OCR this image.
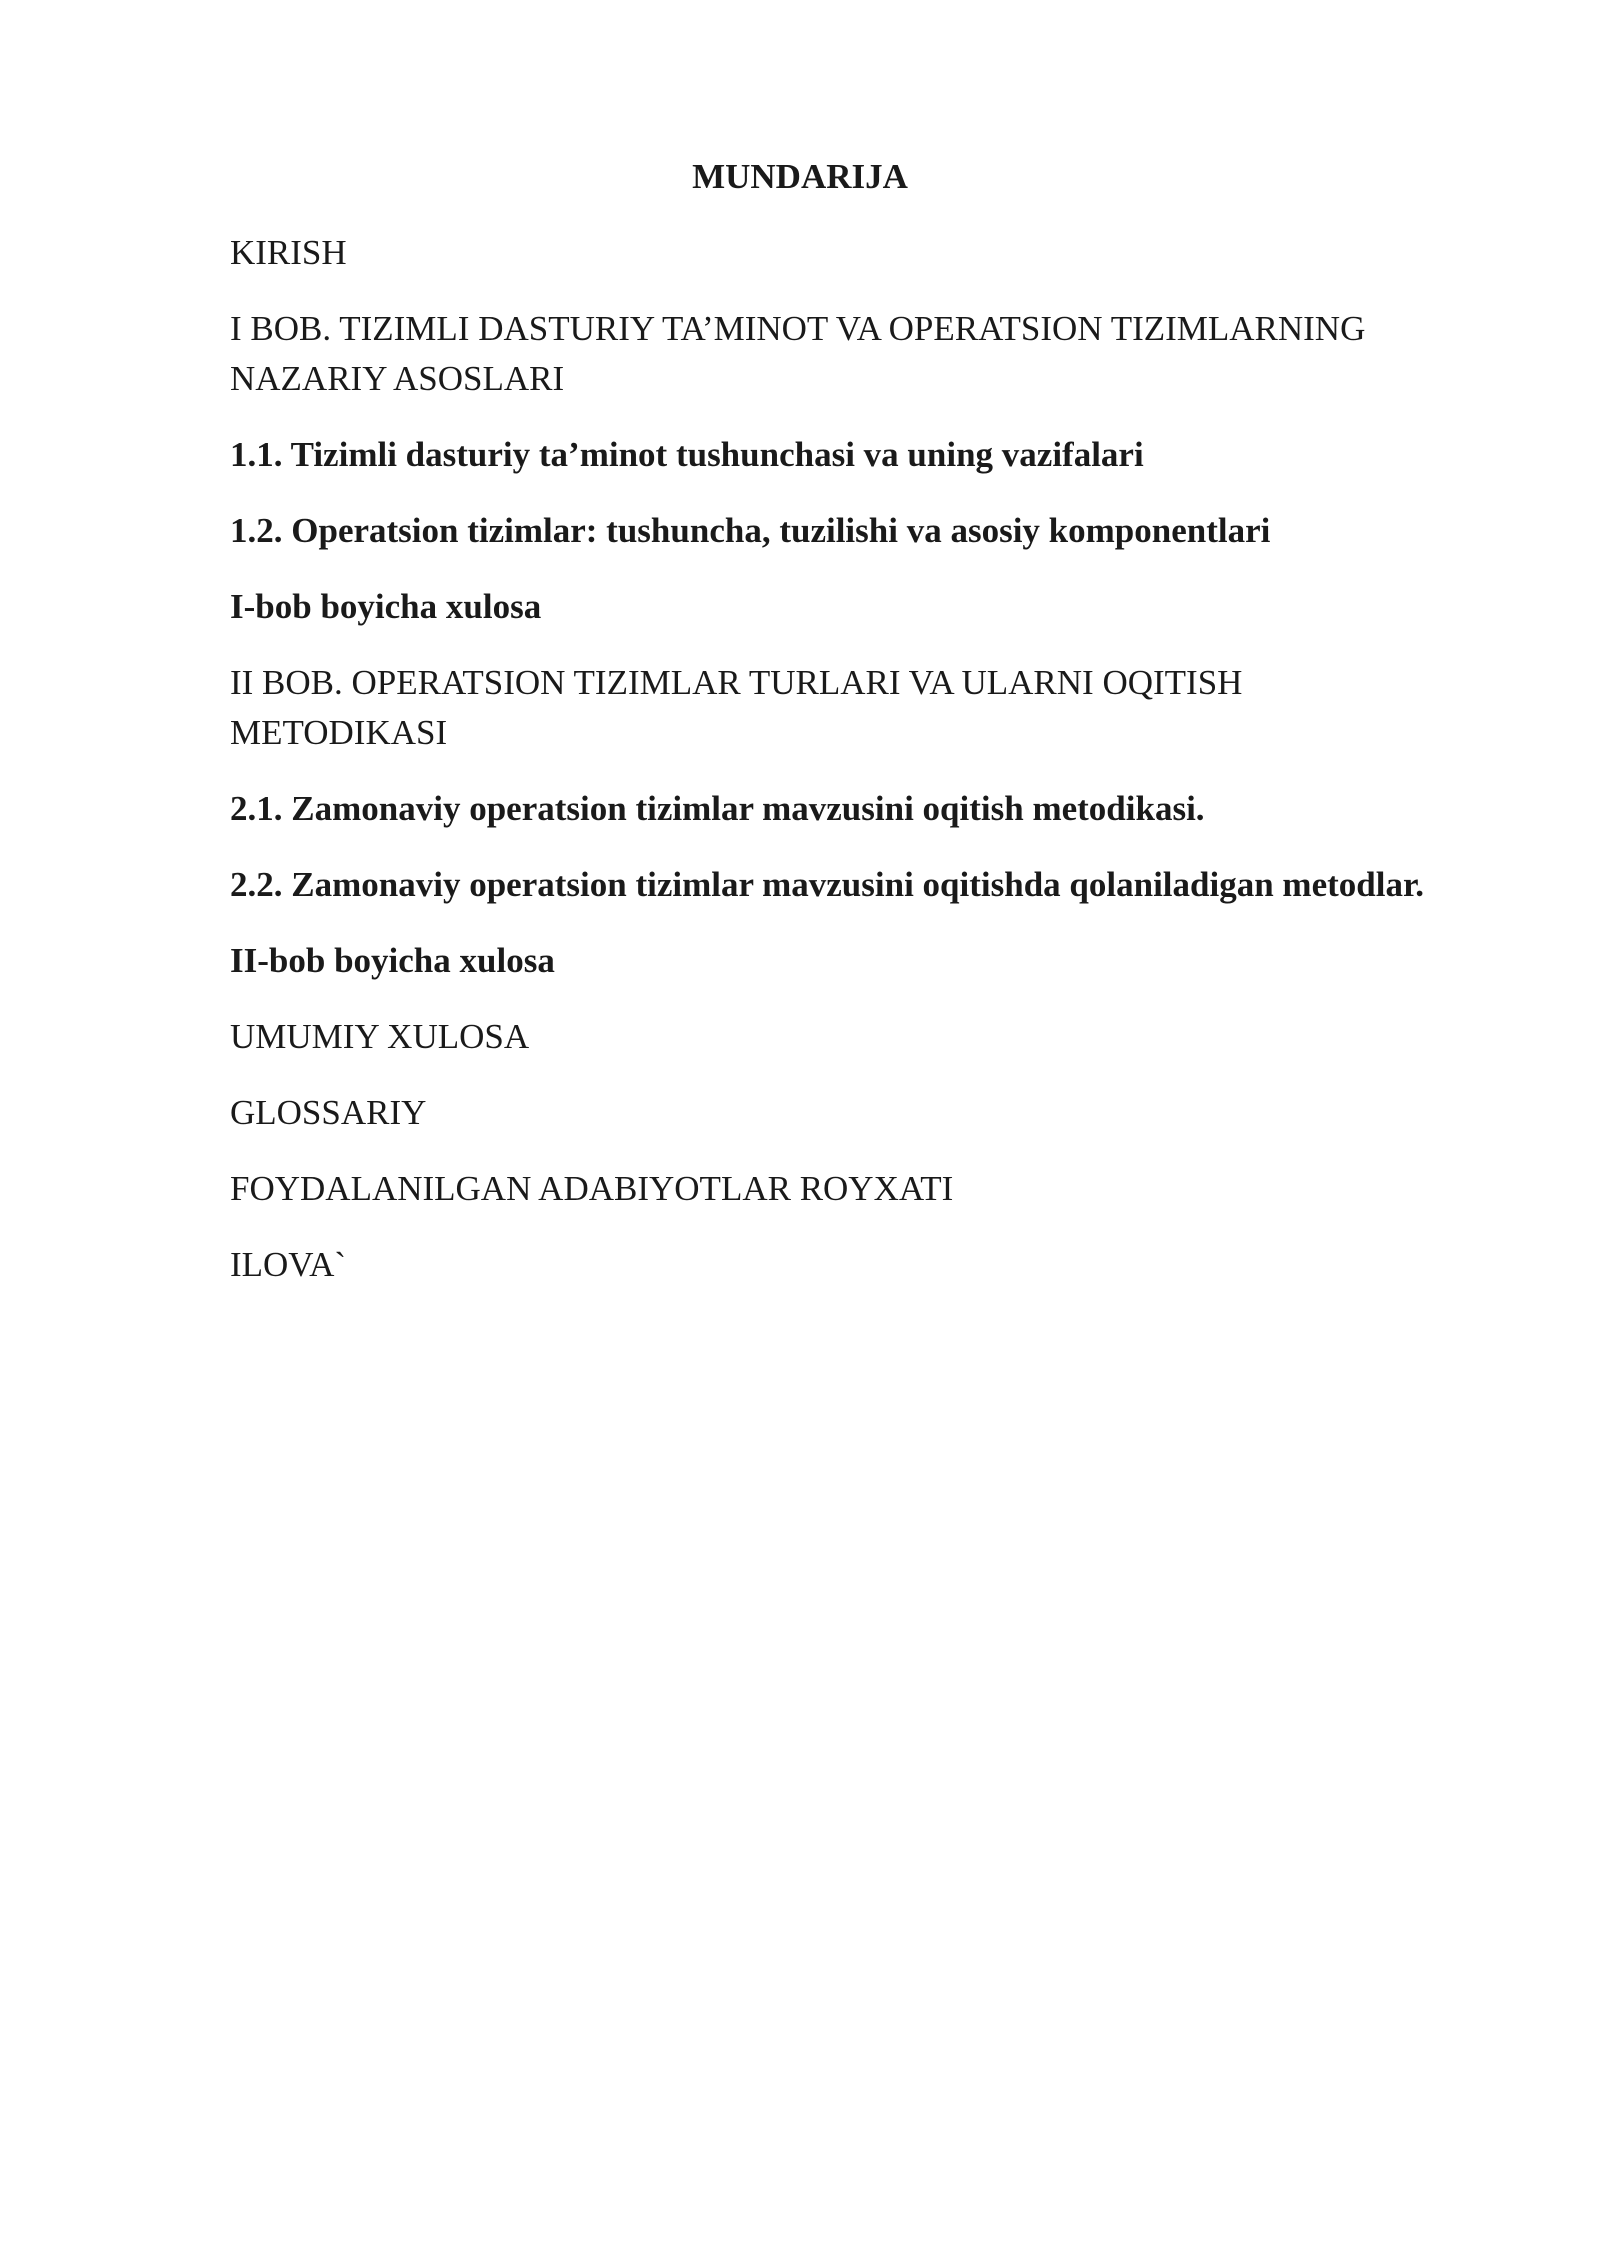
MUNDARIJA
KIRISH
I BOB. TIZIMLI DASTURIY TA’MINOT VA OPERATSION TIZIMLARNING NAZARIY ASOSLARI
1.1. Tizimli dasturiy ta’minot tushunchasi va uning vazifalari
1.2. Operatsion tizimlar: tushuncha, tuzilishi va asosiy komponentlari
I-bob boyicha xulosa
II BOB. OPERATSION TIZIMLAR TURLARI VA ULARNI OQITISH METODIKASI
2.1. Zamonaviy operatsion tizimlar mavzusini oqitish metodikasi.
2.2. Zamonaviy operatsion tizimlar mavzusini oqitishda qolaniladigan metodlar.
II-bob boyicha xulosa
UMUMIY XULOSA
GLOSSARIY
FOYDALANILGAN ADABIYOTLAR ROYXATI
ILOVA`
